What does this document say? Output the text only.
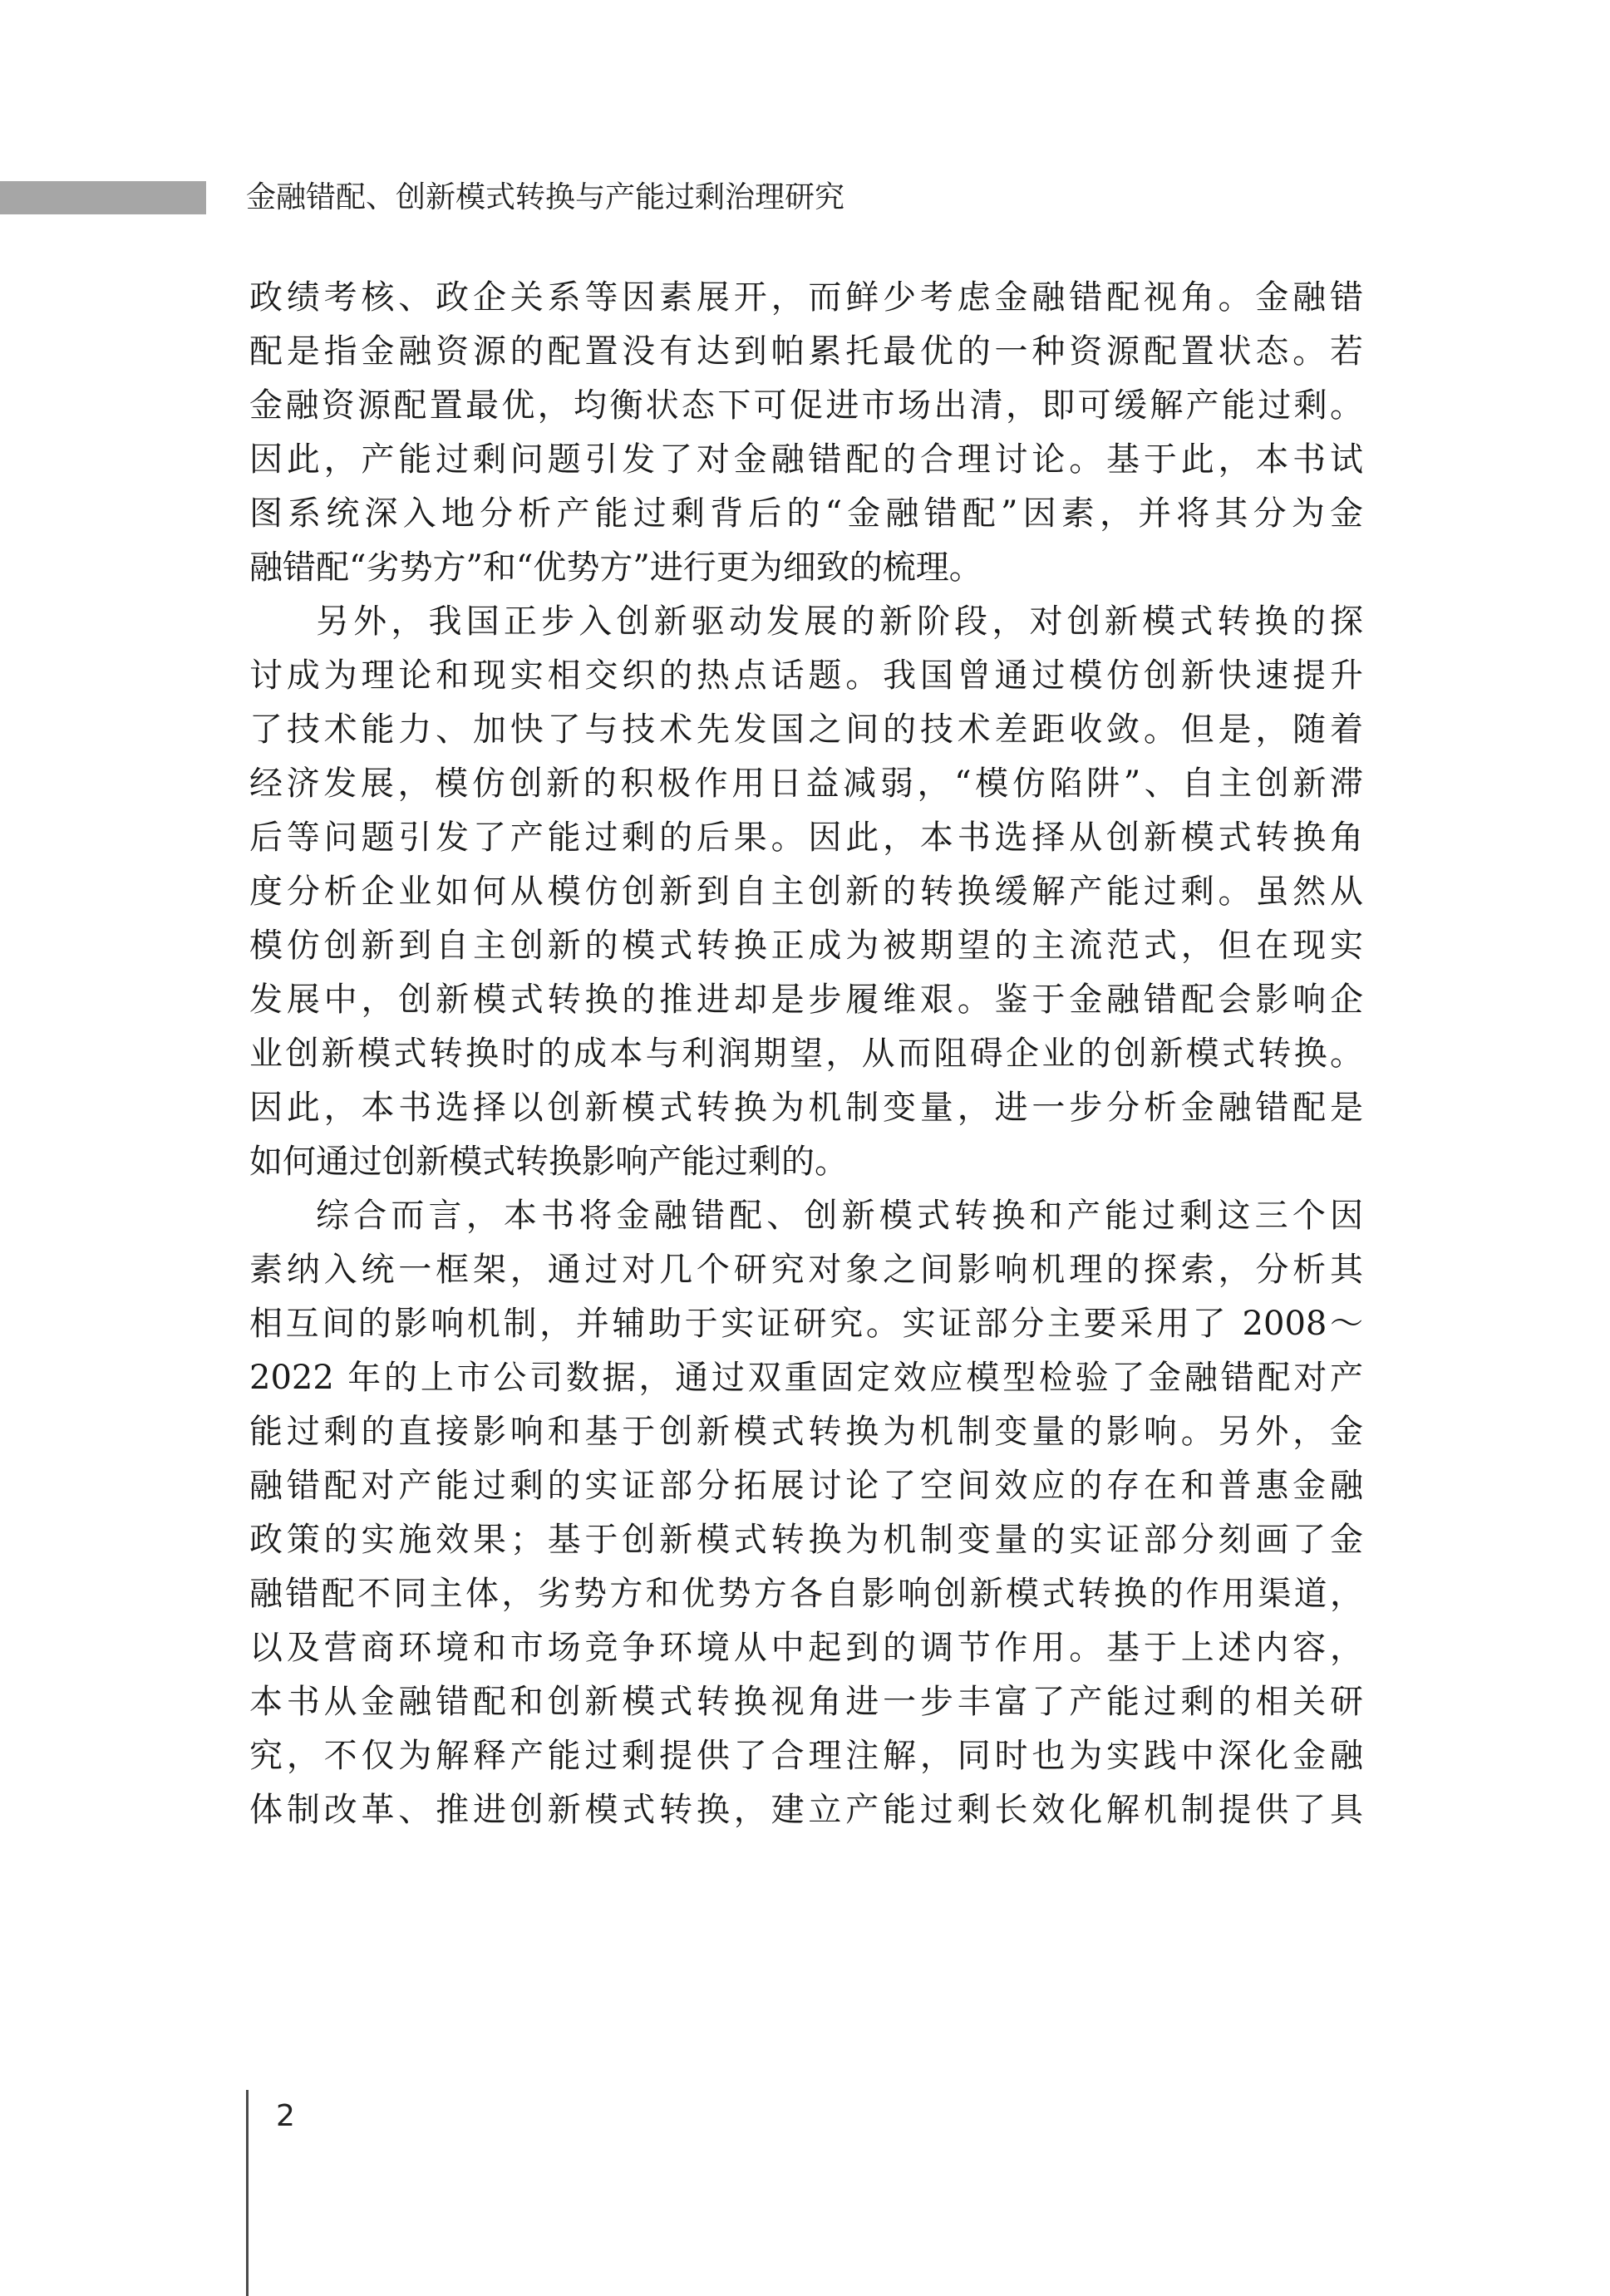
金融错配、创新模式转换与产能过剩治理研究

政绩考核、政企关系等因素展开，而鲜少考虑金融错配视角。金融错

配是指金融资源的配置没有达到帕累托最优的一种资源配置状态。若

金融资源配置最优，均衡状态下可促进市场出清，即可缓解产能过剩。

因此，产能过剩问题引发了对金融错配的合理讨论。基于此，本书试

图系统深入地分析产能过剩背后的“金融错配”因素，并将其分为金

融错配“劣势方”和“优势方”进行更为细致的梳理。

另外，我国正步入创新驱动发展的新阶段，对创新模式转换的探

讨成为理论和现实相交织的热点话题。我国曾通过模仿创新快速提升

了技术能力、加快了与技术先发国之间的技术差距收敛。但是，随着

经济发展，模仿创新的积极作用日益减弱，“模仿陷阱”、自主创新滞

后等问题引发了产能过剩的后果。因此，本书选择从创新模式转换角

度分析企业如何从模仿创新到自主创新的转换缓解产能过剩。虽然从

模仿创新到自主创新的模式转换正成为被期望的主流范式，但在现实

发展中，创新模式转换的推进却是步履维艰。鉴于金融错配会影响企

业创新模式转换时的成本与利润期望，从而阻碍企业的创新模式转换。

因此，本书选择以创新模式转换为机制变量，进一步分析金融错配是

如何通过创新模式转换影响产能过剩的。

综合而言，本书将金融错配、创新模式转换和产能过剩这三个因

素纳入统一框架，通过对几个研究对象之间影响机理的探索，分析其

相互间的影响机制，并辅助于实证研究。实证部分主要采用了 2008～

2022 年的上市公司数据，通过双重固定效应模型检验了金融错配对产

能过剩的直接影响和基于创新模式转换为机制变量的影响。另外，金

融错配对产能过剩的实证部分拓展讨论了空间效应的存在和普惠金融

政策的实施效果；基于创新模式转换为机制变量的实证部分刻画了金

融错配不同主体，劣势方和优势方各自影响创新模式转换的作用渠道，

以及营商环境和市场竞争环境从中起到的调节作用。基于上述内容，

本书从金融错配和创新模式转换视角进一步丰富了产能过剩的相关研

究，不仅为解释产能过剩提供了合理注解，同时也为实践中深化金融

体制改革、推进创新模式转换，建立产能过剩长效化解机制提供了具

2
